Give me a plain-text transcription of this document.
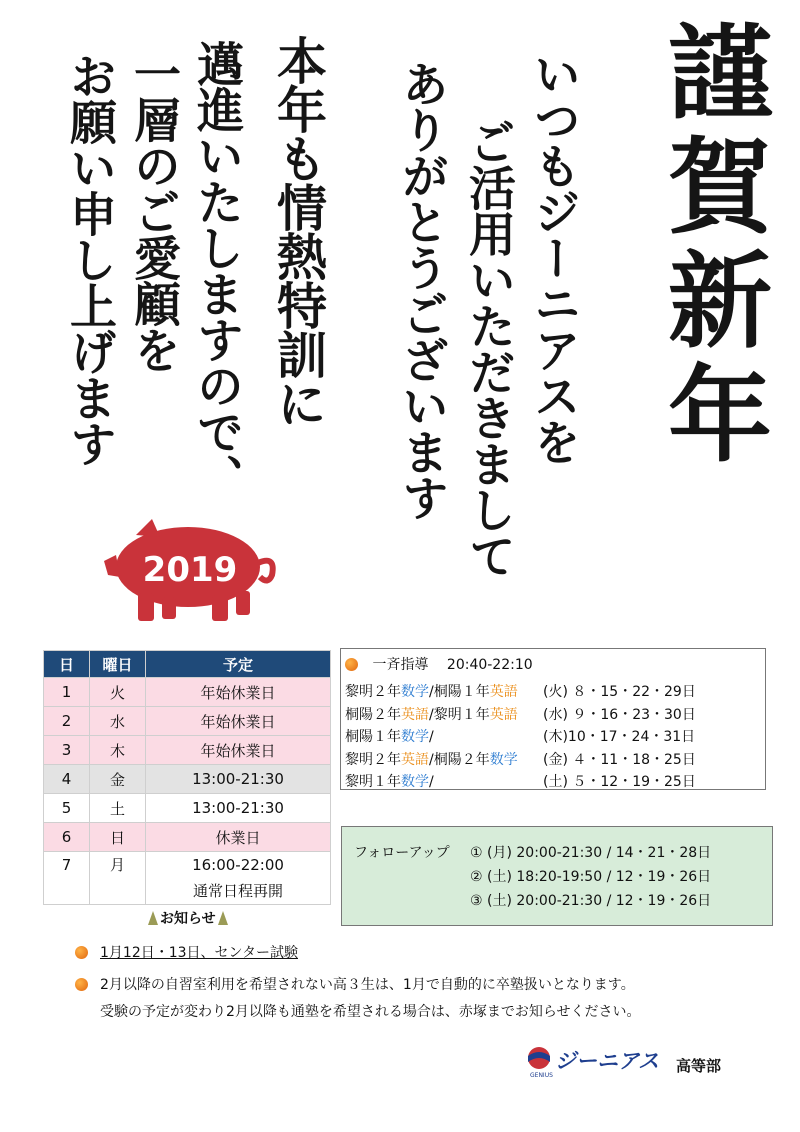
謹賀新年
いつもジーニアスを
ご活用いただきまして
ありがとうございます
本年も情熱特訓に
邁進いたしますので、
一層のご愛顧を
お願い申し上げます
2019
日	曜日	予定
1	火	年始休業日
2	水	年始休業日
3	木	年始休業日
4	金	13:00-21:30
5	土	13:00-21:30
6	日	休業日
7	月	16:00-22:00
通常日程再開
お知らせ
一斉指導 20:40-22:10
黎明２年数学/桐陽１年英語 (火) ８・15・22・29日
桐陽２年英語/黎明１年英語 (水) ９・16・23・30日
桐陽１年数学/	(木)10・17・24・31日
黎明２年英語/桐陽２年数学 (金) ４・11・18・25日
黎明１年数学/	(土) ５・12・19・25日
フォローアップ ① (月) 20:00-21:30 / 14・21・28日
② (土) 18:20-19:50 / 12・19・26日
③ (土) 20:00-21:30 / 12・19・26日
1月12日・13日、センター試験
2月以降の自習室利用を希望されない高３生は、1月で自動的に卒塾扱いとなります。
受験の予定が変わり2月以降も通塾を希望される場合は、赤塚までお知らせください。
GENIUS
ジーニアス 高等部
